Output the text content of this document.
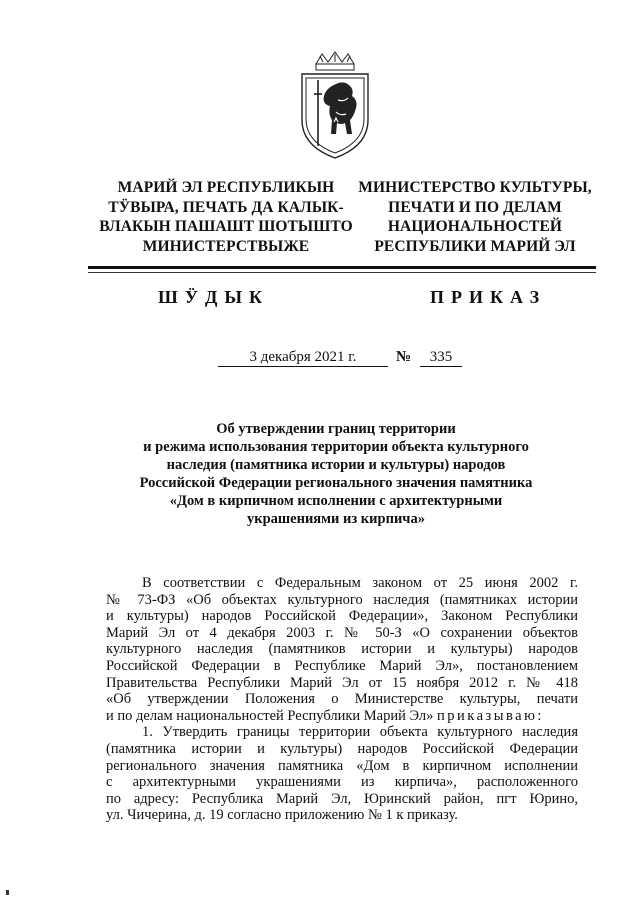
МАРИЙ ЭЛ РЕСПУБЛИКЫН
ТӰВЫРА, ПЕЧАТЬ ДА КАЛЫК-
ВЛАКЫН ПАШАШТ ШОТЫШТО
МИНИСТЕРСТВЫЖЕ
МИНИСТЕРСТВО КУЛЬТУРЫ,
ПЕЧАТИ И ПО ДЕЛАМ
НАЦИОНАЛЬНОСТЕЙ
РЕСПУБЛИКИ МАРИЙ ЭЛ
ШӰДЫК	ПРИКАЗ
3 декабря 2021 г.	№	335
Об утверждении границ территории
и режима использования территории объекта культурного
наследия (памятника истории и культуры) народов
Российской Федерации регионального значения памятника
«Дом в кирпичном исполнении с архитектурными
украшениями из кирпича»
В соответствии с Федеральным законом от 25 июня 2002 г.
№ 73-ФЗ «Об объектах культурного наследия (памятниках истории
и культуры) народов Российской Федерации», Законом Республики
Марий Эл от 4 декабря 2003 г. № 50-З «О сохранении объектов
культурного наследия (памятников истории и культуры) народов
Российской Федерации в Республике Марий Эл», постановлением
Правительства Республики Марий Эл от 15 ноября 2012 г. № 418
«Об утверждении Положения о Министерстве культуры, печати
и по делам национальностей Республики Марий Эл» приказываю:
1. Утвердить границы территории объекта культурного наследия
(памятника истории и культуры) народов Российской Федерации
регионального значения памятника «Дом в кирпичном исполнении
с архитектурными украшениями из кирпича», расположенного
по адресу: Республика Марий Эл, Юринский район, пгт Юрино,
ул. Чичерина, д. 19 согласно приложению № 1 к приказу.
